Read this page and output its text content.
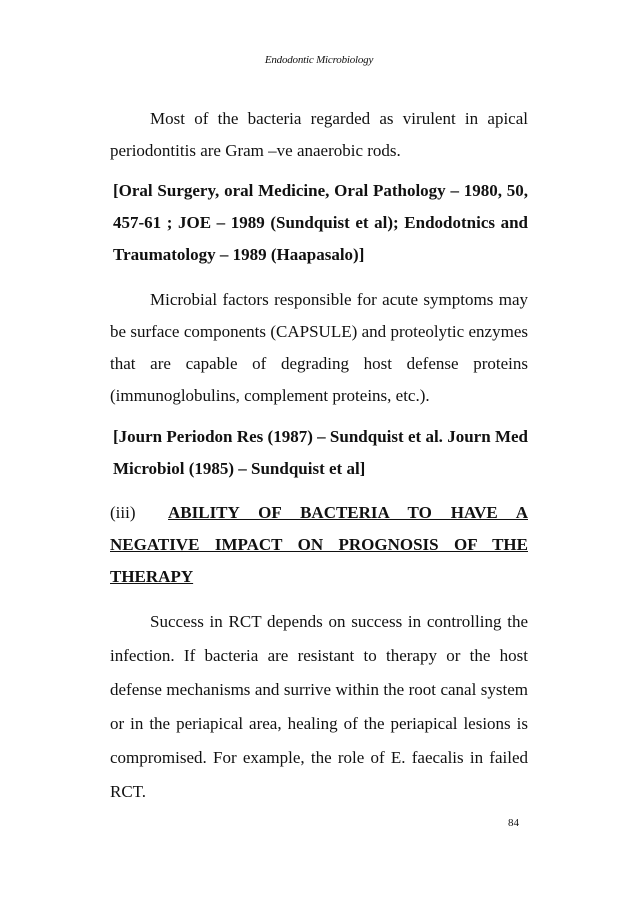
Endodontic Microbiology

Most of the bacteria regarded as virulent in apical periodontitis are Gram –ve anaerobic rods.

[Oral Surgery, oral Medicine, Oral Pathology – 1980, 50, 457-61 ; JOE – 1989 (Sundquist et al); Endodotnics and Traumatology – 1989 (Haapasalo)]

Microbial factors responsible for acute symptoms may be surface components (CAPSULE) and proteolytic enzymes that are capable of degrading host defense proteins (immunoglobulins, complement proteins, etc.).

[Journ Periodon Res (1987) – Sundquist et al. Journ Med Microbiol (1985) – Sundquist et al]

(iii) ABILITY OF BACTERIA TO HAVE A
NEGATIVE IMPACT ON PROGNOSIS OF THE
THERAPY

Success in RCT depends on success in controlling the infection. If bacteria are resistant to therapy or the host defense mechanisms and surrive within the root canal system or in the periapical area, healing of the periapical lesions is compromised. For example, the role of E. faecalis in failed RCT.

84
